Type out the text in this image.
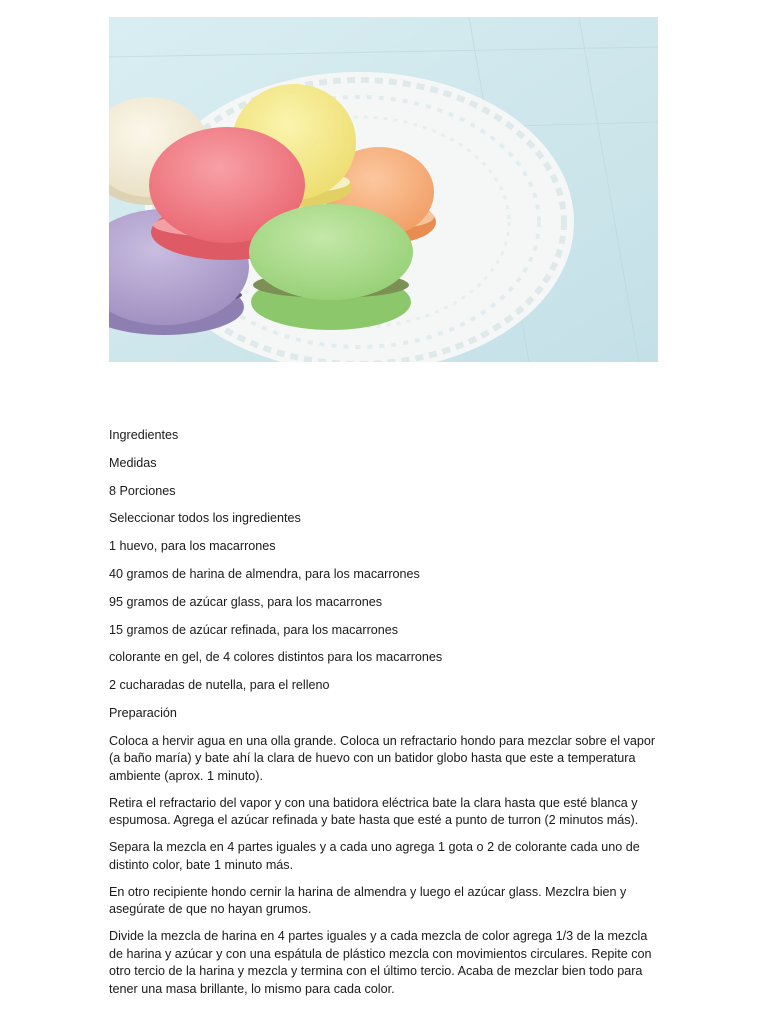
Ingredientes

Medidas

8 Porciones

Seleccionar todos los ingredientes

1 huevo, para los macarrones

40 gramos de harina de almendra, para los macarrones

95 gramos de azúcar glass, para los macarrones

15 gramos de azúcar refinada, para los macarrones

colorante en gel, de 4 colores distintos para los macarrones

2 cucharadas de nutella, para el relleno

Preparación

Coloca a hervir agua en una olla grande. Coloca un refractario hondo para mezclar sobre el vapor (a baño maría) y bate ahí la clara de huevo con un batidor globo hasta que este a temperatura ambiente (aprox. 1 minuto).

Retira el refractario del vapor y con una batidora eléctrica bate la clara hasta que esté blanca y espumosa. Agrega el azúcar refinada y bate hasta que esté a punto de turron (2 minutos más).

Separa la mezcla en 4 partes iguales y a cada uno agrega 1 gota o 2 de colorante cada uno de distinto color, bate 1 minuto más.

En otro recipiente hondo cernir la harina de almendra y luego el azúcar glass. Mezclra bien y asegúrate de que no hayan grumos.

Divide la mezcla de harina en 4 partes iguales y a cada mezcla de color agrega 1/3 de la mezcla de harina y azúcar y con una espátula de plástico mezcla con movimientos circulares. Repite con otro tercio de la harina y mezcla y termina con el último tercio. Acaba de mezclar bien todo para tener una masa brillante, lo mismo para cada color.
